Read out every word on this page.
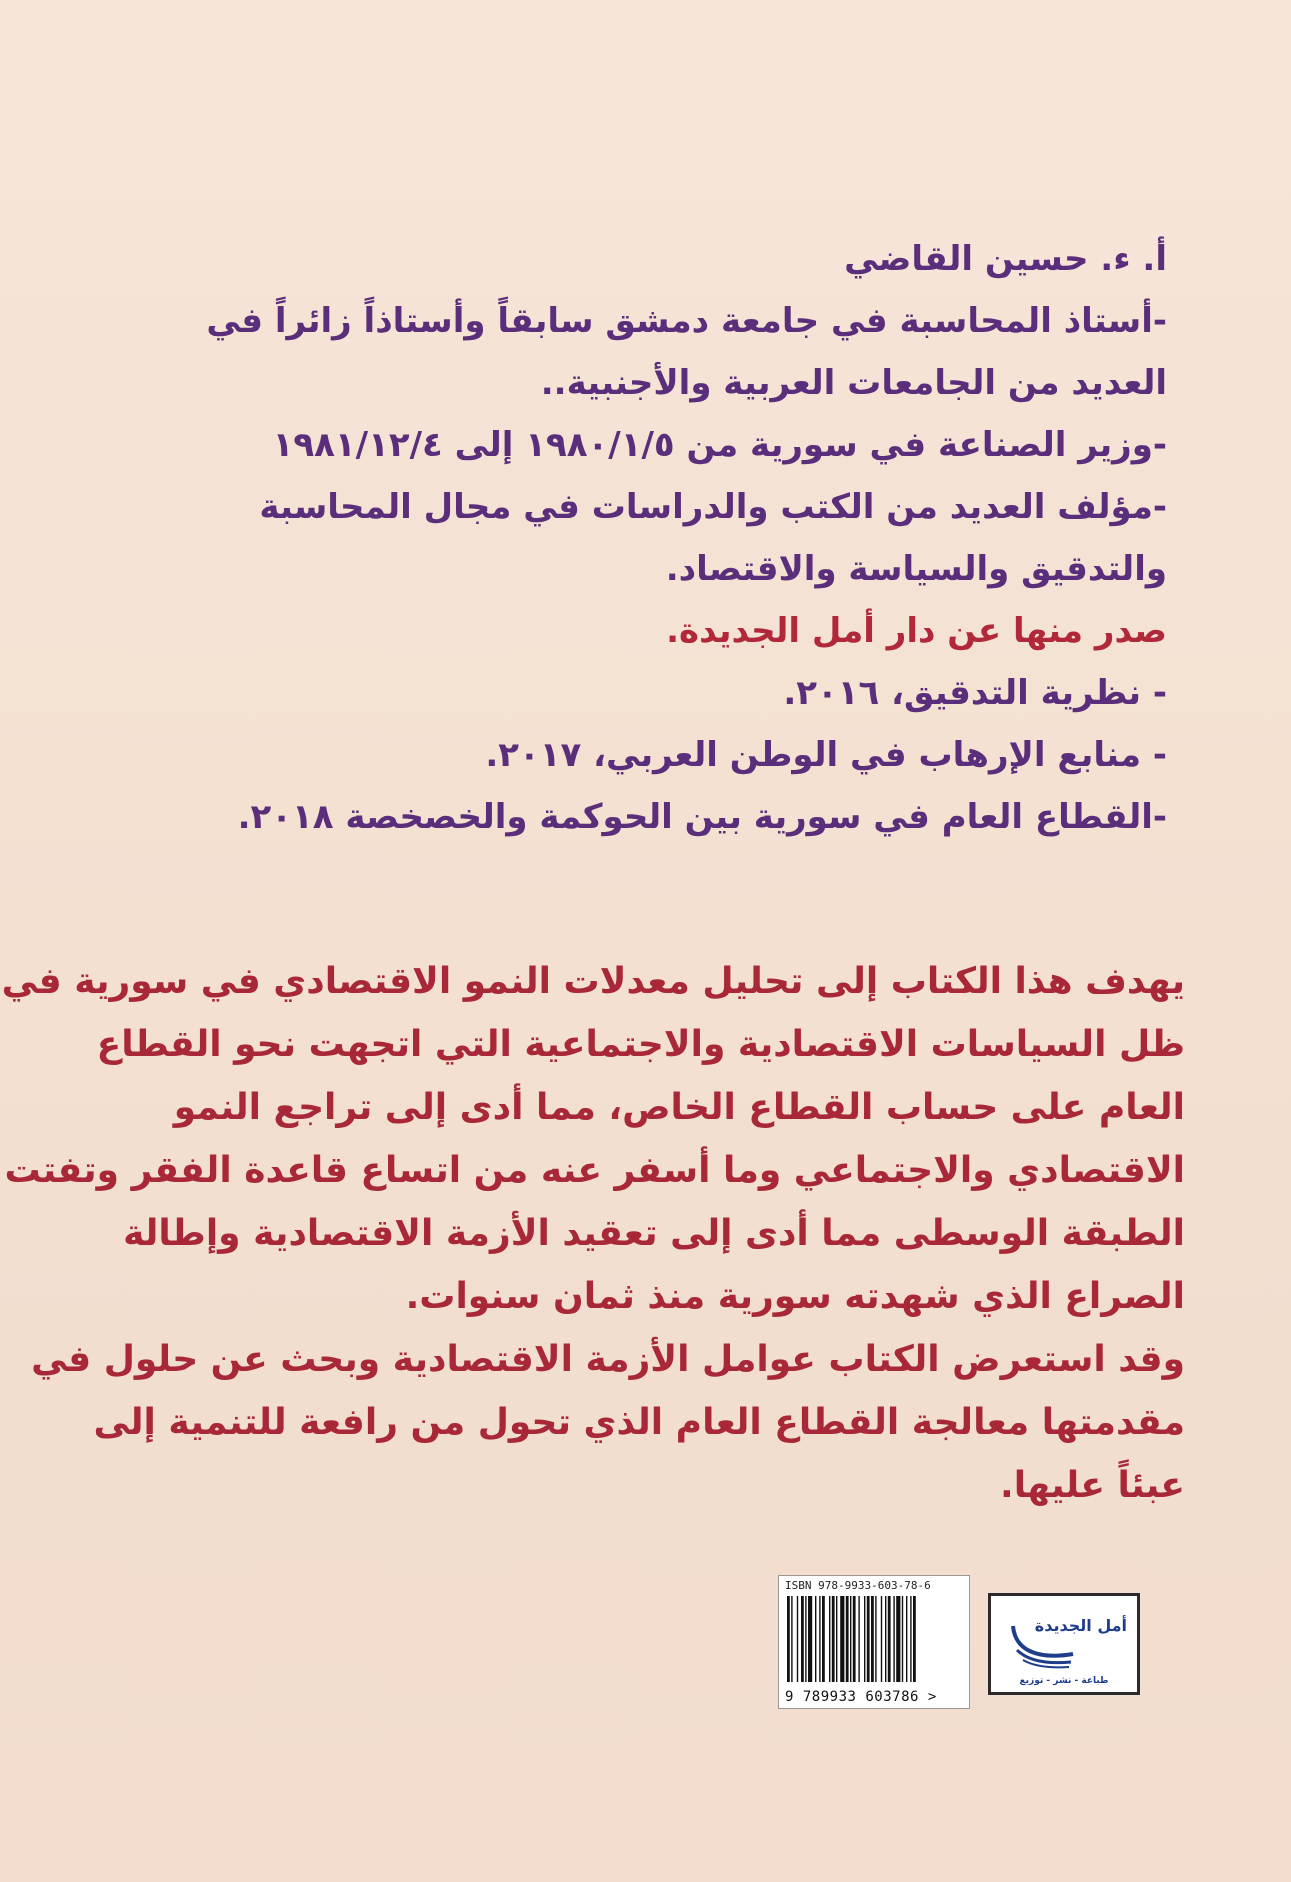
أ. ء. حسين القاضي
-أستاذ المحاسبة في جامعة دمشق سابقاً وأستاذاً زائراً في
العديد من الجامعات العربية والأجنبية..
-وزير الصناعة في سورية من ١٩٨٠/١/٥ إلى ١٩٨١/١٢/٤
-مؤلف العديد من الكتب والدراسات في مجال المحاسبة
والتدقيق والسياسة والاقتصاد.
صدر منها عن دار أمل الجديدة.
- نظرية التدقيق، ٢٠١٦.
- منابع الإرهاب في الوطن العربي، ٢٠١٧.
-القطاع العام في سورية بين الحوكمة والخصخصة ٢٠١٨.
يهدف هذا الكتاب إلى تحليل معدلات النمو الاقتصادي في سورية في
ظل السياسات الاقتصادية والاجتماعية التي اتجهت نحو القطاع
العام على حساب القطاع الخاص، مما أدى إلى تراجع النمو
الاقتصادي والاجتماعي وما أسفر عنه من اتساع قاعدة الفقر وتفتت
الطبقة الوسطى مما أدى إلى تعقيد الأزمة الاقتصادية وإطالة
الصراع الذي شهدته سورية منذ ثمان سنوات.
وقد استعرض الكتاب عوامل الأزمة الاقتصادية وبحث عن حلول في
مقدمتها معالجة القطاع العام الذي تحول من رافعة للتنمية إلى
عبئاً عليها.
ISBN 978-9933-603-78-6
9 789933 603786 >
أمل الجديدة
طباعة - نشر - توزيع
